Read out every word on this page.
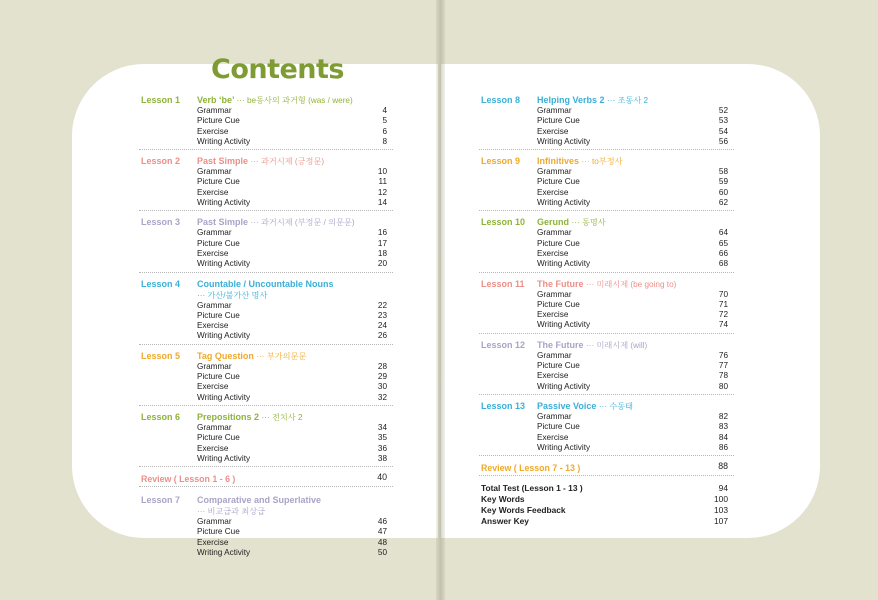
Contents
Lesson 1 Verb ‘be’ ··· be동사의 과거형 (was / were)
Grammar	4
Picture Cue	5
Exercise	6
Writing Activity	8
Lesson 2 Past Simple ··· 과거시제 (긍정문)
Grammar	10
Picture Cue	11
Exercise	12
Writing Activity	14
Lesson 3 Past Simple ··· 과거시제 (부정문 / 의문문)
Grammar	16
Picture Cue	17
Exercise	18
Writing Activity	20
Lesson 4 Countable / Uncountable Nouns
··· 가산/불가산 명사
Grammar	22
Picture Cue	23
Exercise	24
Writing Activity	26
Lesson 5 Tag Question ··· 부가의문문
Grammar	28
Picture Cue	29
Exercise	30
Writing Activity	32
Lesson 6 Prepositions 2 ··· 전치사 2
Grammar	34
Picture Cue	35
Exercise	36
Writing Activity	38
Review ( Lesson 1 - 6 )	40
Lesson 7 Comparative and Superlative
··· 비교급과 최상급
Grammar	46
Picture Cue	47
Exercise	48
Writing Activity	50
Lesson 8 Helping Verbs 2 ··· 조동사 2
Grammar	52
Picture Cue	53
Exercise	54
Writing Activity	56
Lesson 9 Infinitives ··· to부정사
Grammar	58
Picture Cue	59
Exercise	60
Writing Activity	62
Lesson 10 Gerund ··· 동명사
Grammar	64
Picture Cue	65
Exercise	66
Writing Activity	68
Lesson 11 The Future ··· 미래시제 (be going to)
Grammar	70
Picture Cue	71
Exercise	72
Writing Activity	74
Lesson 12 The Future ··· 미래시제 (will)
Grammar	76
Picture Cue	77
Exercise	78
Writing Activity	80
Lesson 13 Passive Voice ··· 수동태
Grammar	82
Picture Cue	83
Exercise	84
Writing Activity	86
Review ( Lesson 7 - 13 )	88
Total Test (Lesson 1 - 13 )	94
Key Words	100
Key Words Feedback	103
Answer Key	107
